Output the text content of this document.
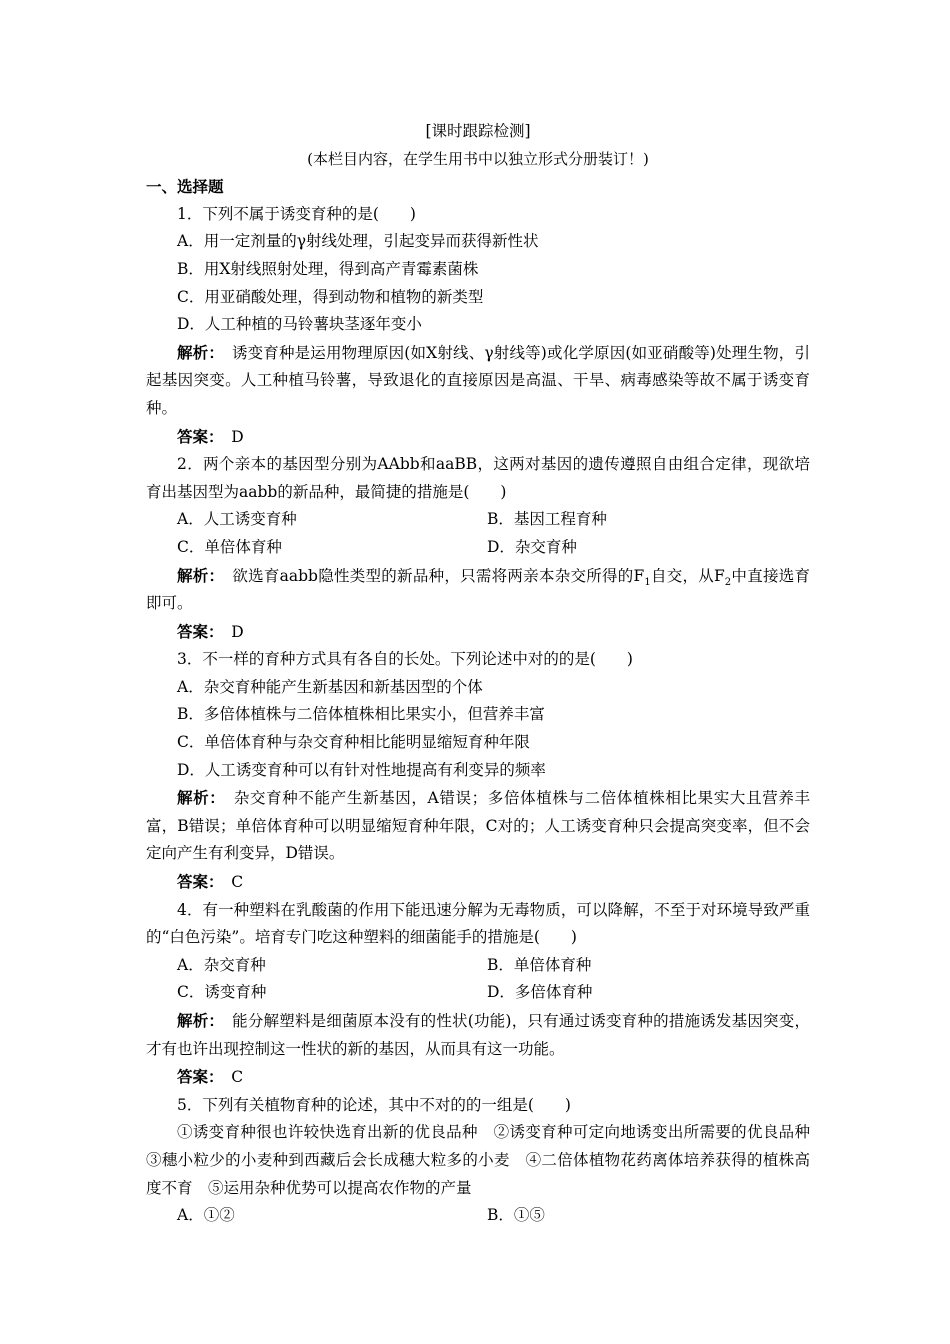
[课时跟踪检测]
(本栏目内容，在学生用书中以独立形式分册装订！)
一、选择题
1．下列不属于诱变育种的是(　　)
A．用一定剂量的γ射线处理，引起变异而获得新性状
B．用X射线照射处理，得到高产青霉素菌株
C．用亚硝酸处理，得到动物和植物的新类型
D．人工种植的马铃薯块茎逐年变小
解析：　 诱变育种是运用物理原因(如X射线、γ射线等)或化学原因(如亚硝酸等)处理生物，引起基因突变。人工种植马铃薯，导致退化的直接原因是高温、干旱、病毒感染等故不属于诱变育种。
答案：　 D
2．两个亲本的基因型分别为AAbb和aaBB，这两对基因的遗传遵照自由组合定律，现欲培育出基因型为aabb的新品种，最简捷的措施是(　　)
A．人工诱变育种	B．基因工程育种
C．单倍体育种	D．杂交育种
解析：　 欲选育aabb隐性类型的新品种，只需将两亲本杂交所得的$F_1$自交，从$F_2$中直接选育即可。
答案：　 D
3．不一样的育种方式具有各自的长处。下列论述中对的的是(　　)
A．杂交育种能产生新基因和新基因型的个体
B．多倍体植株与二倍体植株相比果实小，但营养丰富
C．单倍体育种与杂交育种相比能明显缩短育种年限
D．人工诱变育种可以有针对性地提高有利变异的频率
解析：　 杂交育种不能产生新基因，A错误；多倍体植株与二倍体植株相比果实大且营养丰富，B错误；单倍体育种可以明显缩短育种年限，C对的；人工诱变育种只会提高突变率，但不会定向产生有利变异，D错误。
答案：　 C
4．有一种塑料在乳酸菌的作用下能迅速分解为无毒物质，可以降解，不至于对环境导致严重的“白色污染”。培育专门吃这种塑料的细菌能手的措施是(　　)
A．杂交育种	B．单倍体育种
C．诱变育种	D．多倍体育种
解析：　 能分解塑料是细菌原本没有的性状(功能)，只有通过诱变育种的措施诱发基因突变，才有也许出现控制这一性状的新的基因，从而具有这一功能。
答案：　 C
5．下列有关植物育种的论述，其中不对的的一组是(　　)
①诱变育种很也许较快选育出新的优良品种　②诱变育种可定向地诱变出所需要的优良品种　③穗小粒少的小麦种到西藏后会长成穗大粒多的小麦　④二倍体植物花药离体培养获得的植株高度不育　⑤运用杂种优势可以提高农作物的产量
A．①②	B．①⑤
